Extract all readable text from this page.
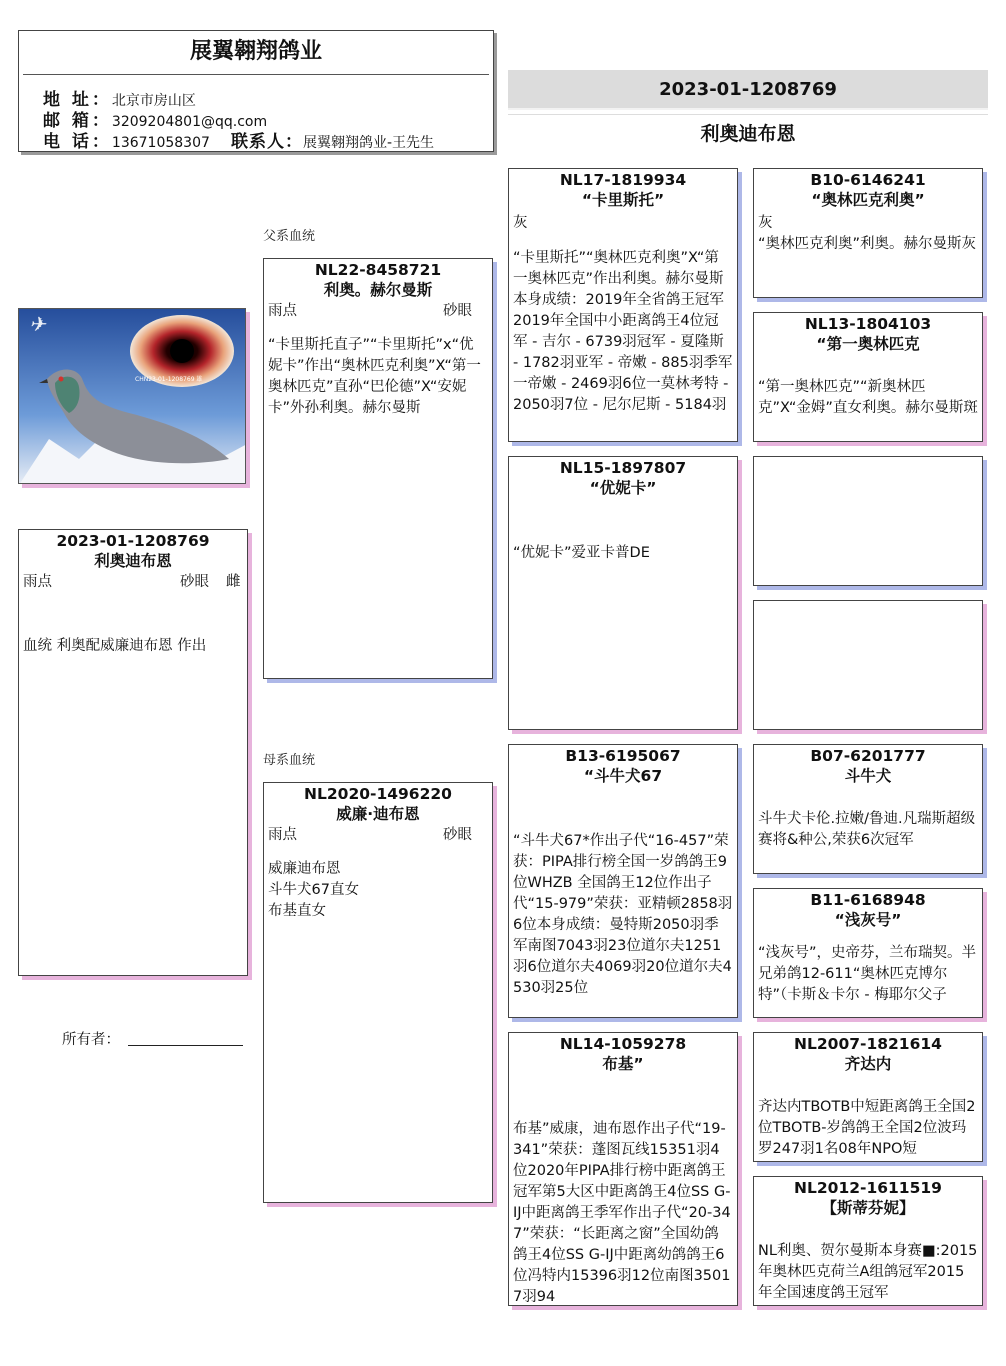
展翼翱翔鸽业
地 址：北京市房山区
邮 箱：3209204801@qq.com
电 话：13671058307 联系人：展翼翱翔鸽业-王先生
2023-01-1208769
利奥迪布恩
父系血统
母系血统
✈
CHN23-01-1208769 雄
2023-01-1208769
利奥迪布恩
雨点	砂眼 雌
血统 利奥配威廉迪布恩 作出
所有者：
NL22-8458721
利奥。赫尔曼斯
雨点	砂眼
“卡里斯托直子”“卡里斯托”x“优妮卡”作出“奥林匹克利奥”X“第一奥林匹克”直孙“巴伦德”X“安妮卡”外孙利奥。赫尔曼斯
NL2020-1496220
威廉·迪布恩
雨点	砂眼
威廉迪布恩
斗牛犬67直女
布基直女
NL17-1819934
“卡里斯托”
灰
“卡里斯托”“奥林匹克利奥”X“第一奥林匹克”作出利奥。赫尔曼斯本身成绩：2019年全省鸽王冠军2019年全国中小距离鸽王4位冠军 - 吉尔 - 6739羽冠军 - 夏隆斯 - 1782羽亚军 - 帝嫩 - 885羽季军一帝嫩 - 2469羽6位一莫林考特 - 2050羽7位 - 尼尔尼斯 - 5184羽
NL15-1897807
“优妮卡”
“优妮卡”爱亚卡普DE
B13-6195067
“斗牛犬67
“斗牛犬67*作出子代“16-457”荣获：PIPA排行榜全国一岁鸽鸽王9位WHZB 全国鸽王12位作出子代“15-979”荣获：亚精顿2858羽6位本身成绩：曼特斯2050羽季军南图7043羽23位道尔夫1251羽6位道尔夫4069羽20位道尔夫4530羽25位
NL14-1059278
布基”
布基”威康，迪布恩作出子代“19-341”荣获：蓬图瓦线15351羽4位2020年PIPA排行榜中距离鸽王冠军第5大区中距离鸽王4位SS G-IJ中距离鸽王季军作出子代“20-347”荣获：“长距离之窗”全国幼鸽鸽王4位SS G-IJ中距离幼鸽鸽王6位冯特内15396羽12位南图35017羽94
B10-6146241
“奥林匹克利奥”
灰
“奥林匹克利奥”利奥。赫尔曼斯灰
NL13-1804103
“第一奥林匹克
“第一奥林匹克”“新奥林匹克”X“金姆”直女利奥。赫尔曼斯斑
B07-6201777
斗牛犬
斗牛犬卡伦.拉嫩/鲁迪.凡瑞斯超级赛将&种公,荣获6次冠军
B11-6168948
“浅灰号”
“浅灰号”，史帝芬，兰布瑞契。半兄弟鸽12-611“奥林匹克博尔特”（卡斯＆卡尔 - 梅耶尔父子
NL2007-1821614
齐达内
齐达内TBOTB中短距离鸽王全国2位TBOTB-岁鸽鸽王全国2位波玛罗247羽1名08年NPO短
NL2012-1611519
【斯蒂芬妮】
NL利奥、贺尔曼斯本身赛■:2015年奥林匹克荷兰A组鸽冠军2015年全国速度鸽王冠军
